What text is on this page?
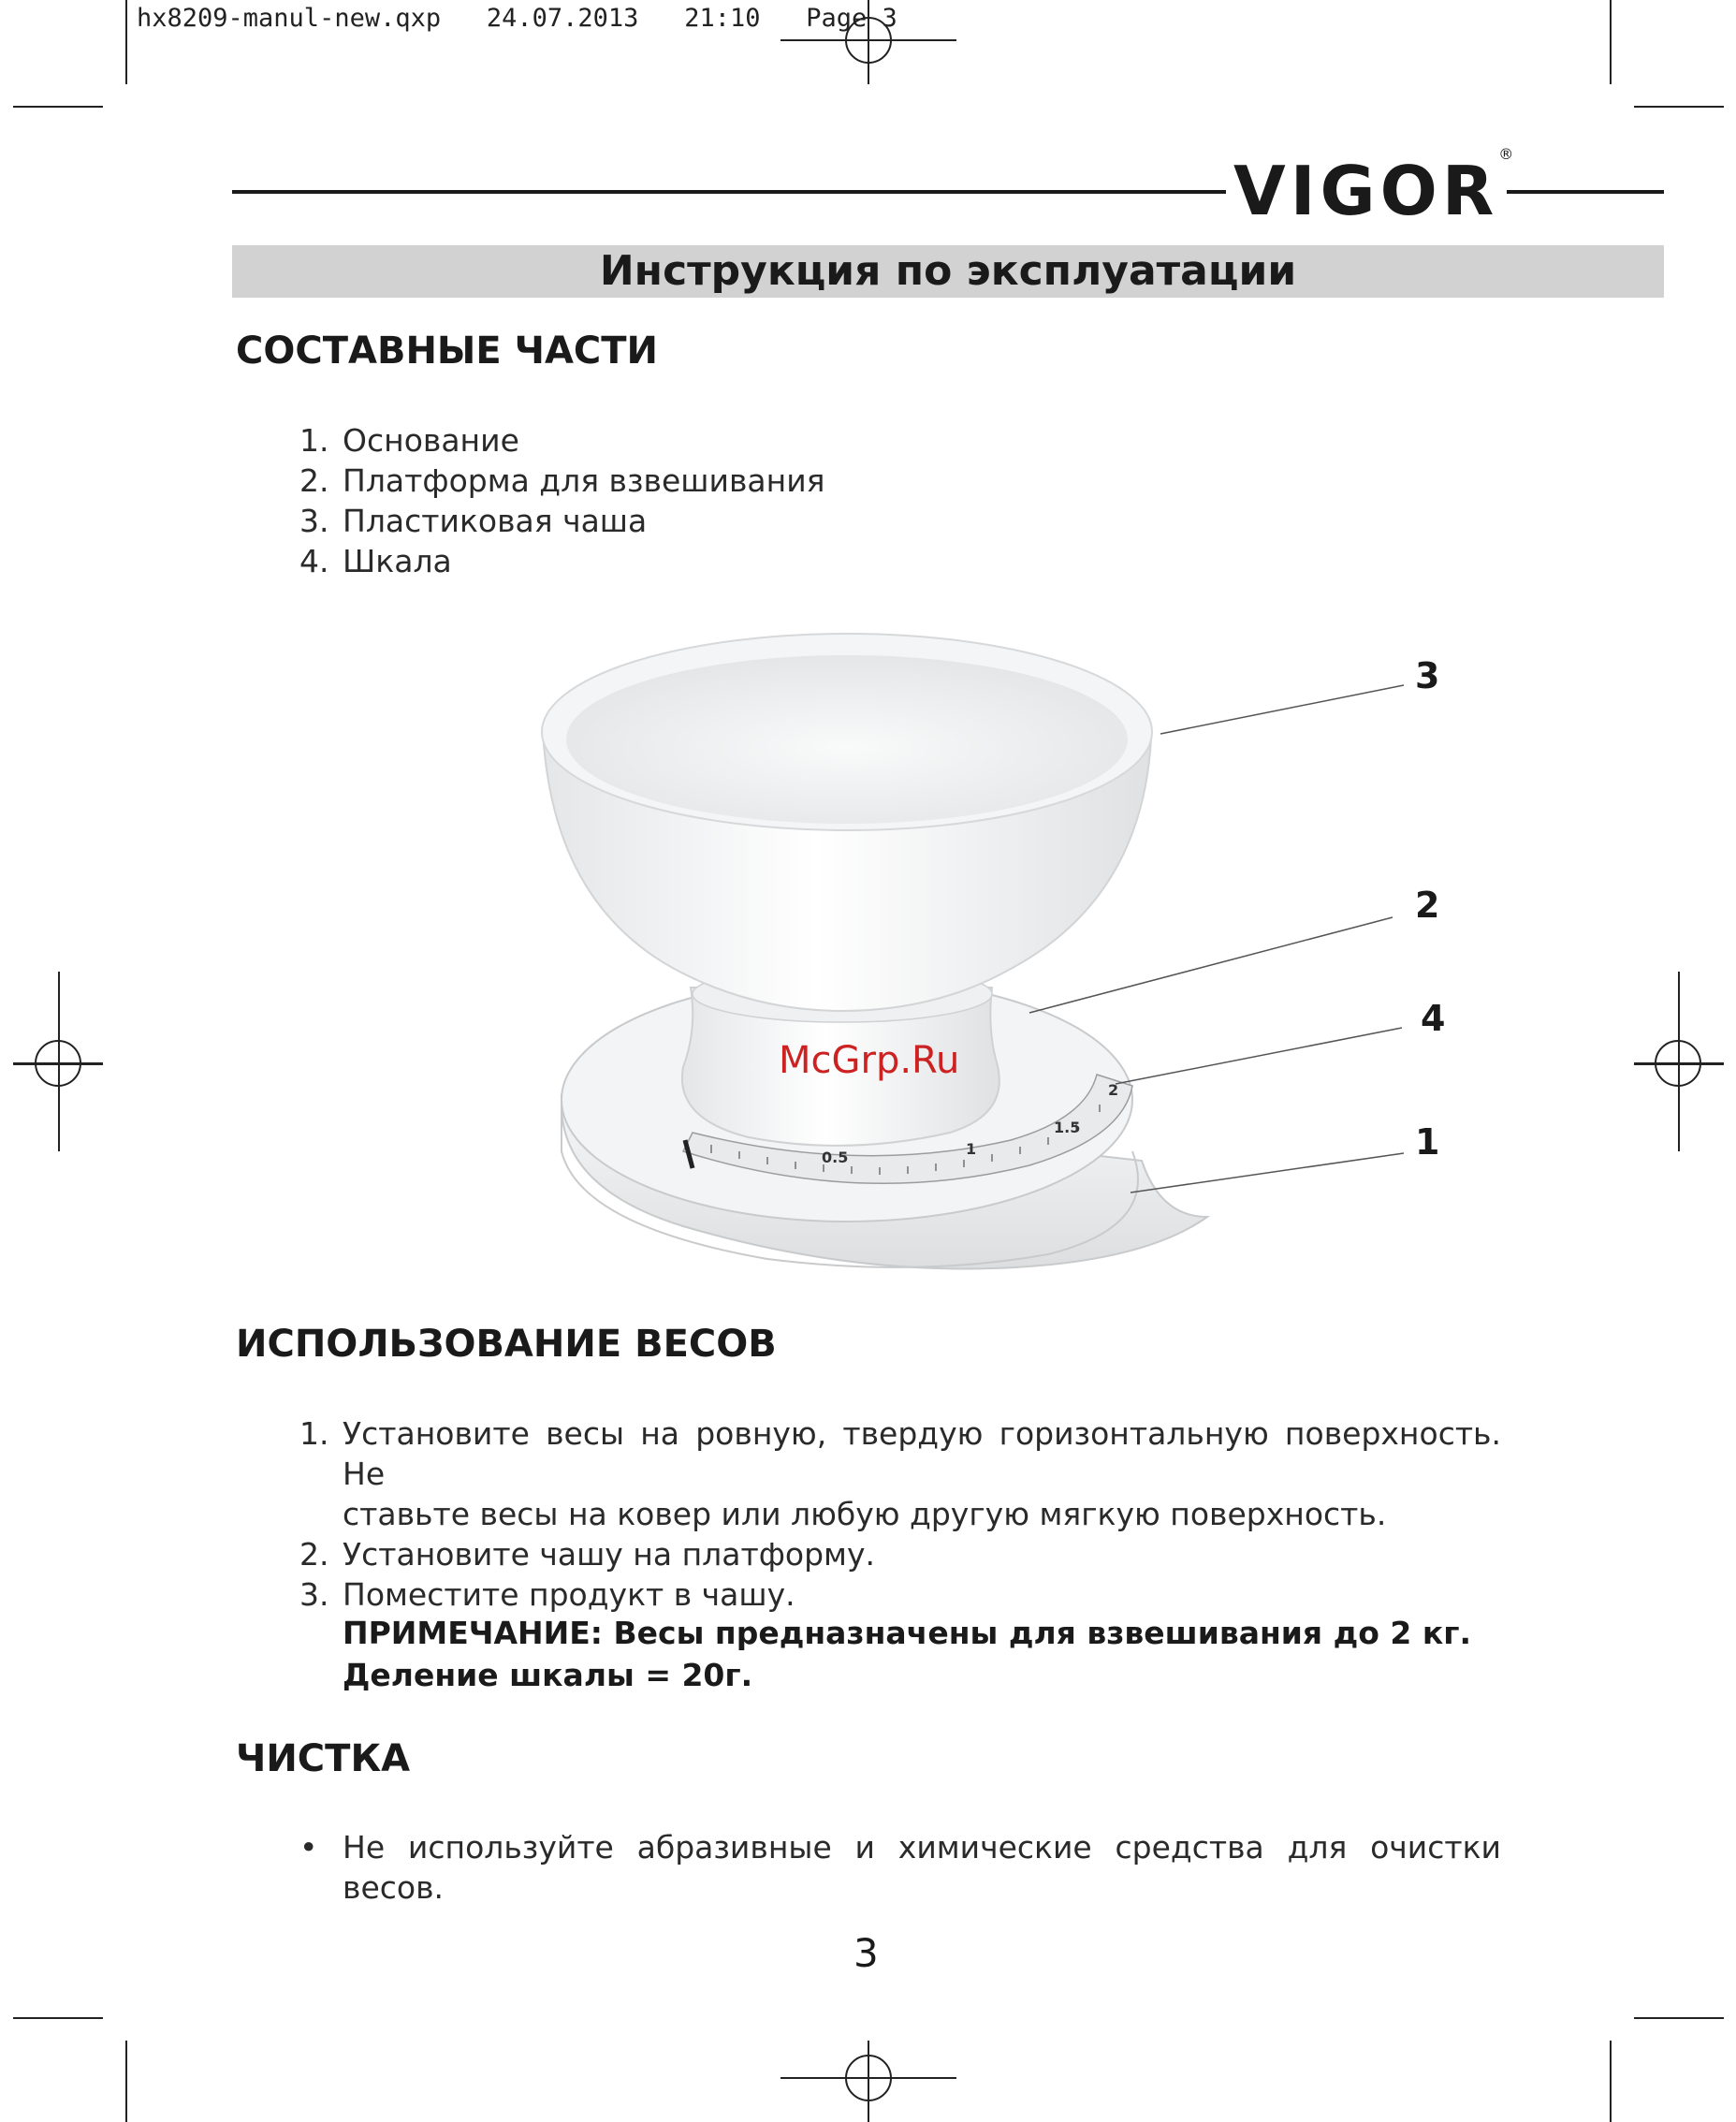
hx8209-manul-new.qxp   24.07.2013   21:10   Page 3
VIGOR®
Инструкция по эксплуатации
СОСТАВНЫЕ ЧАСТИ
1. Основание
2. Платформа для взвешивания
3. Пластиковая чаша
4. Шкала
0.5	1
1.5
2
3
2
4
1
McGrp.Ru
ИСПОЛЬЗОВАНИЕ ВЕСОВ
1. Установите весы на ровную, твердую горизонтальную поверхность. Не
ставьте весы на ковер или любую другую мягкую поверхность.
2. Установите чашу на платформу.
3. Поместите продукт в чашу.
ПРИМЕЧАНИЕ: Весы предназначены для взвешивания до 2 кг.
Деление шкалы = 20г.
ЧИСТКА
• Не используйте абразивные и химические средства для очистки весов.
3
